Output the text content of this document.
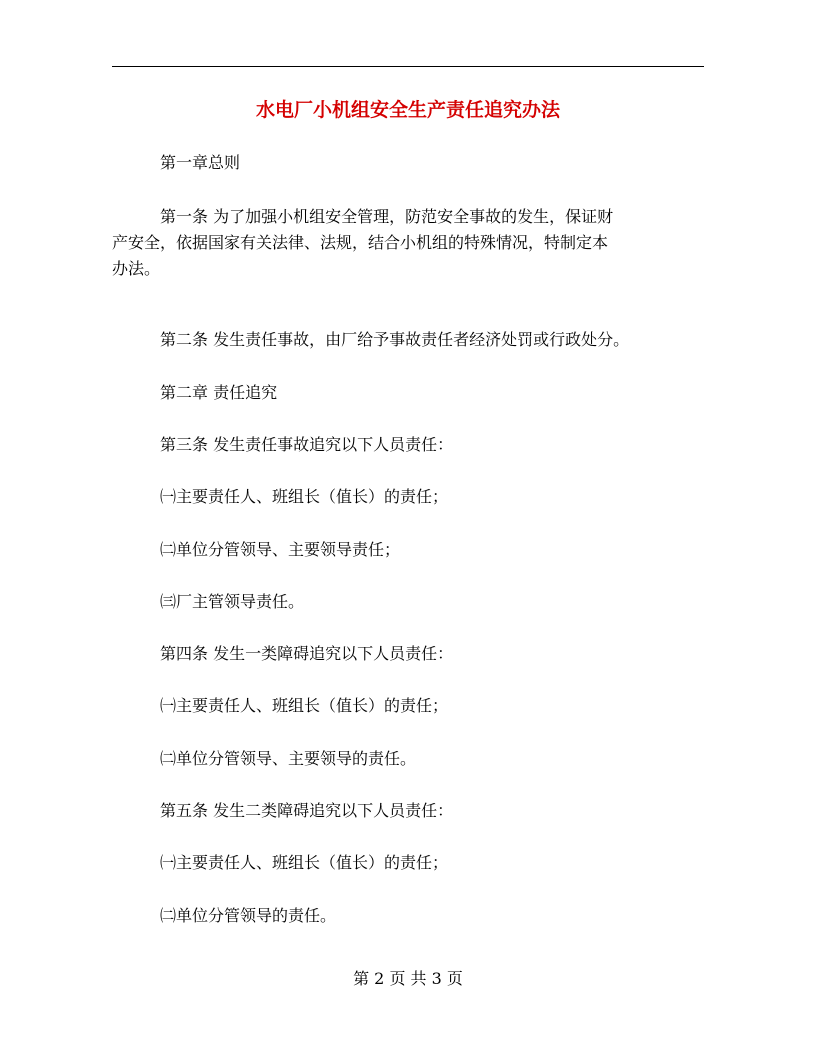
水电厂小机组安全生产责任追究办法
第一章总则
第一条 为了加强小机组安全管理，防范安全事故的发生，保证财
产安全，依据国家有关法律、法规，结合小机组的特殊情况，特制定本
办法。
第二条 发生责任事故，由厂给予事故责任者经济处罚或行政处分。
第二章 责任追究
第三条 发生责任事故追究以下人员责任：
㈠主要责任人、班组长（值长）的责任；
㈡单位分管领导、主要领导责任；
㈢厂主管领导责任。
第四条 发生一类障碍追究以下人员责任：
㈠主要责任人、班组长（值长）的责任；
㈡单位分管领导、主要领导的责任。
第五条 发生二类障碍追究以下人员责任：
㈠主要责任人、班组长（值长）的责任；
㈡单位分管领导的责任。
第 2 页 共 3 页
